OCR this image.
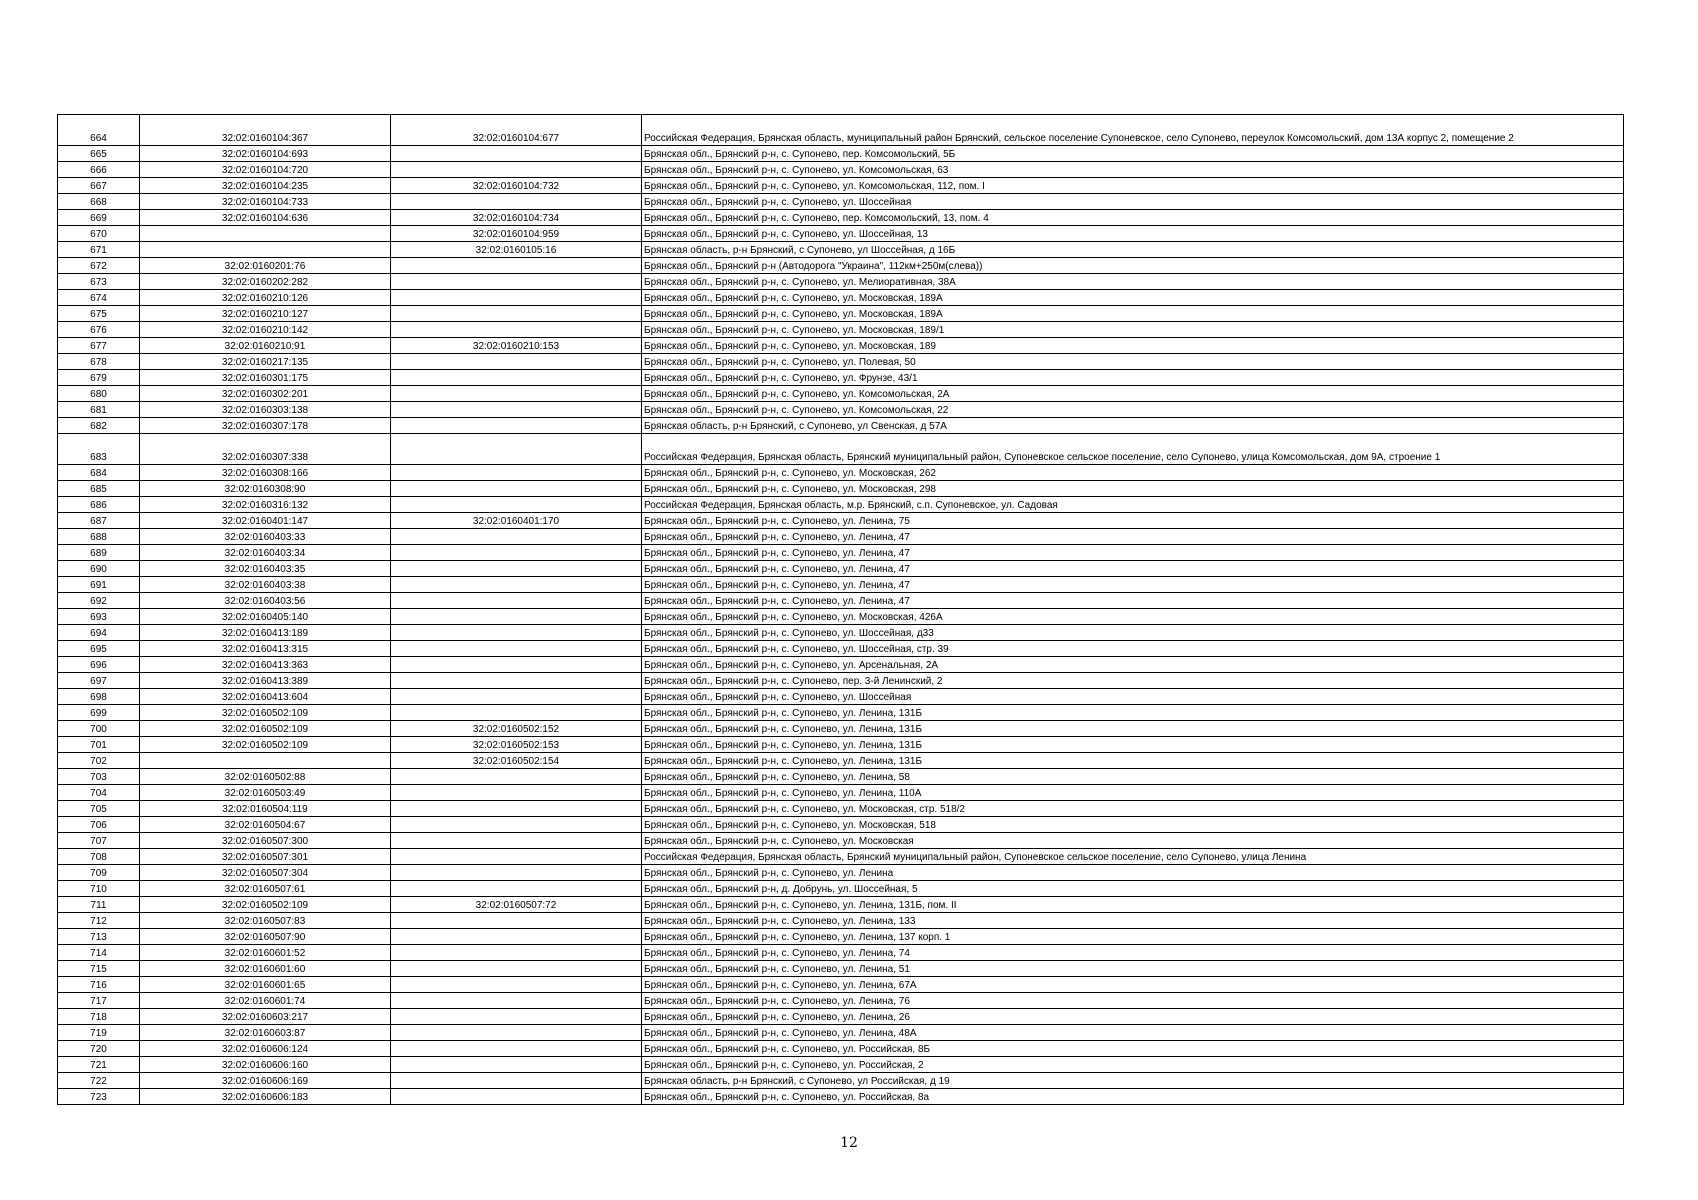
664	32:02:0160104:367	32:02:0160104:677	Российская Федерация, Брянская область, муниципальный район Брянский, сельское поселение Супоневское, село Супонево, переулок Комсомольский, дом 13А корпус 2, помещение 2
665	32:02:0160104:693		Брянская обл., Брянский р-н, с. Супонево, пер. Комсомольский, 5Б
666	32:02:0160104:720		Брянская обл., Брянский р-н, с. Супонево, ул. Комсомольская, 63
667	32:02:0160104:235	32:02:0160104:732	Брянская обл., Брянский р-н, с. Супонево, ул. Комсомольская, 112, пом. I
668	32:02:0160104:733		Брянская обл., Брянский р-н, с. Супонево, ул. Шоссейная
669	32:02:0160104:636	32:02:0160104:734	Брянская обл., Брянский р-н, с. Супонево, пер. Комсомольский, 13, пом. 4
670		32:02:0160104:959	Брянская обл., Брянский р-н, с. Супонево, ул. Шоссейная, 13
671		32:02:0160105:16	Брянская область, р-н Брянский, с Супонево, ул Шоссейная, д 16Б
672	32:02:0160201:76		Брянская обл., Брянский р-н (Автодорога "Украина", 112км+250м(слева))
673	32:02:0160202:282		Брянская обл., Брянский р-н, с. Супонево, ул. Мелиоративная, 38А
674	32:02:0160210:126		Брянская обл., Брянский р-н, с. Супонево, ул. Московская, 189А
675	32:02:0160210:127		Брянская обл., Брянский р-н, с. Супонево, ул. Московская, 189А
676	32:02:0160210:142		Брянская обл., Брянский р-н, с. Супонево, ул. Московская, 189/1
677	32:02:0160210:91	32:02:0160210:153	Брянская обл., Брянский р-н, с. Супонево, ул. Московская, 189
678	32:02:0160217:135		Брянская обл., Брянский р-н, с. Супонево, ул. Полевая, 50
679	32:02:0160301:175		Брянская обл., Брянский р-н, с. Супонево, ул. Фрунзе, 43/1
680	32:02:0160302:201		Брянская обл., Брянский р-н, с. Супонево, ул. Комсомольская, 2А
681	32:02:0160303:138		Брянская обл., Брянский р-н, с. Супонево, ул. Комсомольская, 22
682	32:02:0160307:178		Брянская область, р-н Брянский, с Супонево, ул Свенская, д 57А
683	32:02:0160307:338		Российская Федерация, Брянская область, Брянский муниципальный район, Супоневское сельское поселение, село Супонево, улица Комсомольская, дом 9А, строение 1
684	32:02:0160308:166		Брянская обл., Брянский р-н, с. Супонево, ул. Московская, 262
685	32:02:0160308:90		Брянская обл., Брянский р-н, с. Супонево, ул. Московская, 298
686	32:02:0160316:132		Российская Федерация, Брянская область, м.р. Брянский, с.п. Супоневское, ул. Садовая
687	32:02:0160401:147	32:02:0160401:170	Брянская обл., Брянский р-н, с. Супонево, ул. Ленина, 75
688	32:02:0160403:33		Брянская обл., Брянский р-н, с. Супонево, ул. Ленина, 47
689	32:02:0160403:34		Брянская обл., Брянский р-н, с. Супонево, ул. Ленина, 47
690	32:02:0160403:35		Брянская обл., Брянский р-н, с. Супонево, ул. Ленина, 47
691	32:02:0160403:38		Брянская обл., Брянский р-н, с. Супонево, ул. Ленина, 47
692	32:02:0160403:56		Брянская обл., Брянский р-н, с. Супонево, ул. Ленина, 47
693	32:02:0160405:140		Брянская обл., Брянский р-н, с. Супонево, ул. Московская, 426А
694	32:02:0160413:189		Брянская обл., Брянский р-н, с. Супонево, ул. Шоссейная, д33
695	32:02:0160413:315		Брянская обл., Брянский р-н, с. Супонево, ул. Шоссейная, стр. 39
696	32:02:0160413:363		Брянская обл., Брянский р-н, с. Супонево, ул. Арсенальная, 2А
697	32:02:0160413:389		Брянская обл., Брянский р-н, с. Супонево, пер. 3-й Ленинский, 2
698	32:02:0160413:604		Брянская обл., Брянский р-н, с. Супонево, ул. Шоссейная
699	32:02:0160502:109		Брянская обл., Брянский р-н, с. Супонево, ул. Ленина, 131Б
700	32:02:0160502:109	32:02:0160502:152	Брянская обл., Брянский р-н, с. Супонево, ул. Ленина, 131Б
701	32:02:0160502:109	32:02:0160502:153	Брянская обл., Брянский р-н, с. Супонево, ул. Ленина, 131Б
702		32:02:0160502:154	Брянская обл., Брянский р-н, с. Супонево, ул. Ленина, 131Б
703	32:02:0160502:88		Брянская обл., Брянский р-н, с. Супонево, ул. Ленина, 58
704	32:02:0160503:49		Брянская обл., Брянский р-н, с. Супонево, ул. Ленина, 110А
705	32:02:0160504:119		Брянская обл., Брянский р-н, с. Супонево, ул. Московская, стр. 518/2
706	32:02:0160504:67		Брянская обл., Брянский р-н, с. Супонево, ул. Московская, 518
707	32:02:0160507:300		Брянская обл., Брянский р-н, с. Супонево, ул. Московская
708	32:02:0160507:301		Российская Федерация, Брянская область, Брянский муниципальный район, Супоневское сельское поселение, село Супонево, улица Ленина
709	32:02:0160507:304		Брянская обл., Брянский р-н, с. Супонево, ул. Ленина
710	32:02:0160507:61		Брянская обл., Брянский р-н, д. Добрунь, ул. Шоссейная, 5
711	32:02:0160502:109	32:02:0160507:72	Брянская обл., Брянский р-н, с. Супонево, ул. Ленина, 131Б, пом. II
712	32:02:0160507:83		Брянская обл., Брянский р-н, с. Супонево, ул. Ленина, 133
713	32:02:0160507:90		Брянская обл., Брянский р-н, с. Супонево, ул. Ленина, 137 корп. 1
714	32:02:0160601:52		Брянская обл., Брянский р-н, с. Супонево, ул. Ленина, 74
715	32:02:0160601:60		Брянская обл., Брянский р-н, с. Супонево, ул. Ленина, 51
716	32:02:0160601:65		Брянская обл., Брянский р-н, с. Супонево, ул. Ленина, 67А
717	32:02:0160601:74		Брянская обл., Брянский р-н, с. Супонево, ул. Ленина, 76
718	32:02:0160603:217		Брянская обл., Брянский р-н, с. Супонево, ул. Ленина, 26
719	32:02:0160603:87		Брянская обл., Брянский р-н, с. Супонево, ул. Ленина, 48А
720	32:02:0160606:124		Брянская обл., Брянский р-н, с. Супонево, ул. Российская, 8Б
721	32:02:0160606:160		Брянская обл., Брянский р-н, с. Супонево, ул. Российская, 2
722	32:02:0160606:169		Брянская область, р-н Брянский, с Супонево, ул Российская, д 19
723	32:02:0160606:183		Брянская обл., Брянский р-н, с. Супонево, ул. Российская, 8а
12
